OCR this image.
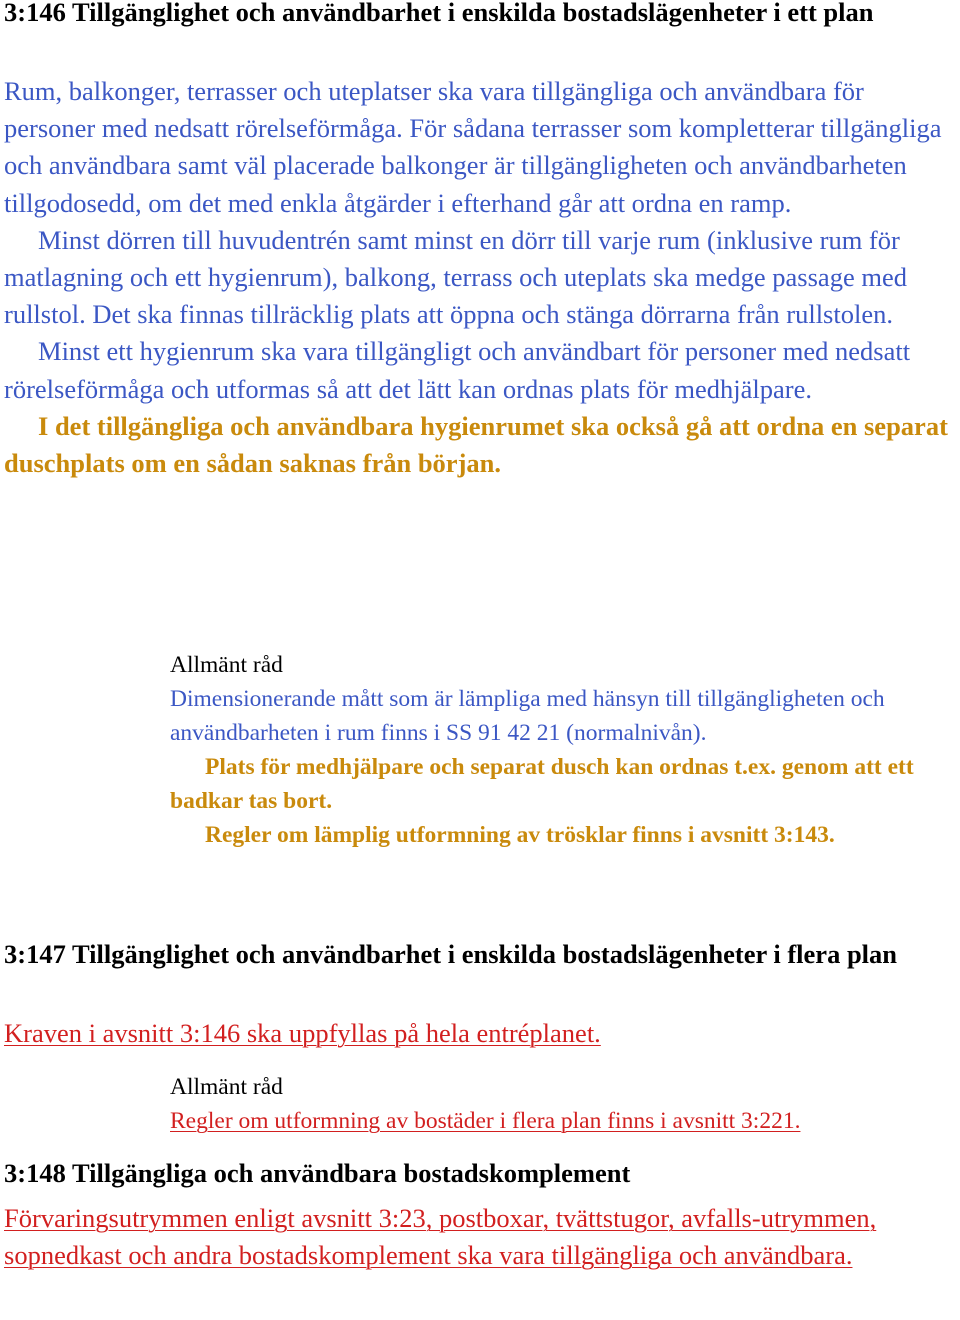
3:146 Tillgänglighet och användbarhet i enskilda bostadslägenheter i ett plan

Rum, balkonger, terrasser och uteplatser ska vara tillgängliga och användbara för personer med nedsatt rörelseförmåga. För sådana terrasser som kompletterar tillgängliga och användbara samt väl placerade balkonger är tillgängligheten och användbarheten tillgodosedd, om det med enkla åtgärder i efterhand går att ordna en ramp.

Minst dörren till huvudentrén samt minst en dörr till varje rum (inklusive rum för matlagning och ett hygienrum), balkong, terrass och uteplats ska medge passage med rullstol. Det ska finnas tillräcklig plats att öppna och stänga dörrarna från rullstolen.

Minst ett hygienrum ska vara tillgängligt och användbart för personer med nedsatt rörelseförmåga och utformas så att det lätt kan ordnas plats för medhjälpare.

I det tillgängliga och användbara hygienrumet ska också gå att ordna en separat duschplats om en sådan saknas från början.

Allmänt råd

Dimensionerande mått som är lämpliga med hänsyn till tillgängligheten och användbarheten i rum finns i SS 91 42 21 (normalnivån).

Plats för medhjälpare och separat dusch kan ordnas t.ex. genom att ett badkar tas bort.

Regler om lämplig utformning av trösklar finns i avsnitt 3:143.

3:147 Tillgänglighet och användbarhet i enskilda bostadslägenheter i flera plan

Kraven i avsnitt 3:146 ska uppfyllas på hela entréplanet.

Allmänt råd

Regler om utformning av bostäder i flera plan finns i avsnitt 3:221.

3:148 Tillgängliga och användbara bostadskomplement

Förvaringsutrymmen enligt avsnitt 3:23, postboxar, tvättstugor, avfalls-utrymmen, sopnedkast och andra bostadskomplement ska vara tillgängliga och användbara.
